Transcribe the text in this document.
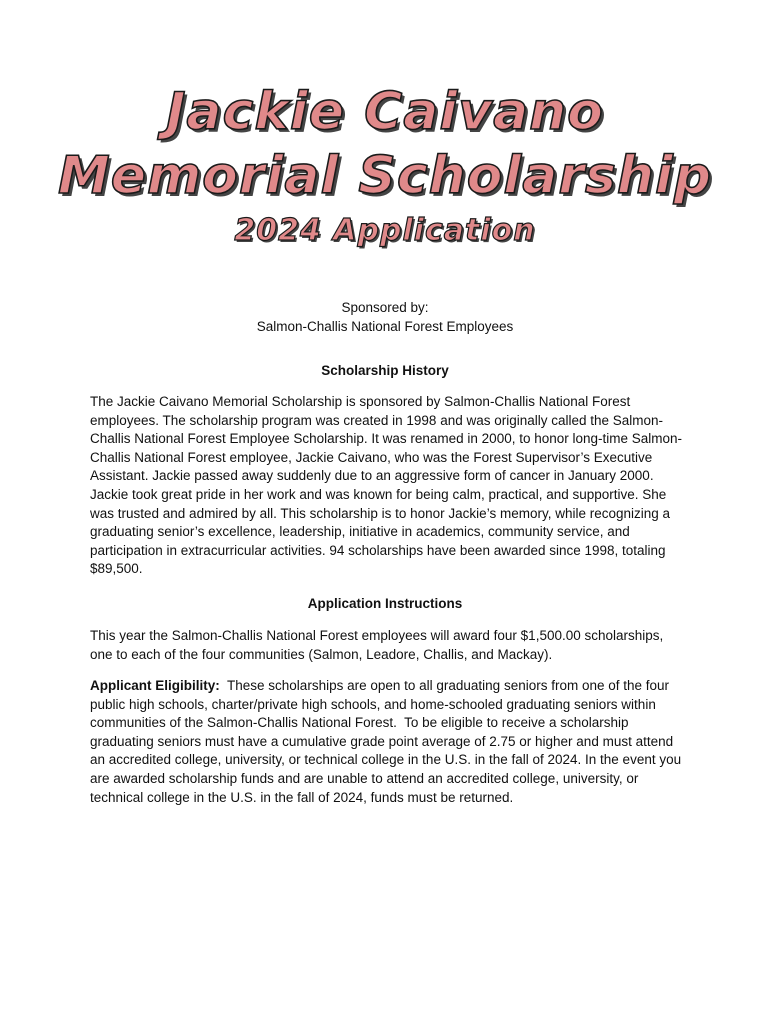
Jackie Caivano
Memorial Scholarship
2024 Application
Sponsored by:
Salmon-Challis National Forest Employees
Scholarship History
The Jackie Caivano Memorial Scholarship is sponsored by Salmon-Challis National Forest employees. The scholarship program was created in 1998 and was originally called the Salmon-Challis National Forest Employee Scholarship. It was renamed in 2000, to honor long-time Salmon-Challis National Forest employee, Jackie Caivano, who was the Forest Supervisor’s Executive Assistant. Jackie passed away suddenly due to an aggressive form of cancer in January 2000. Jackie took great pride in her work and was known for being calm, practical, and supportive. She was trusted and admired by all. This scholarship is to honor Jackie’s memory, while recognizing a graduating senior’s excellence, leadership, initiative in academics, community service, and participation in extracurricular activities. 94 scholarships have been awarded since 1998, totaling $89,500.
Application Instructions
This year the Salmon-Challis National Forest employees will award four $1,500.00 scholarships, one to each of the four communities (Salmon, Leadore, Challis, and Mackay).
Applicant Eligibility:  These scholarships are open to all graduating seniors from one of the four public high schools, charter/private high schools, and home-schooled graduating seniors within communities of the Salmon-Challis National Forest.  To be eligible to receive a scholarship graduating seniors must have a cumulative grade point average of 2.75 or higher and must attend an accredited college, university, or technical college in the U.S. in the fall of 2024. In the event you are awarded scholarship funds and are unable to attend an accredited college, university, or technical college in the U.S. in the fall of 2024, funds must be returned.
